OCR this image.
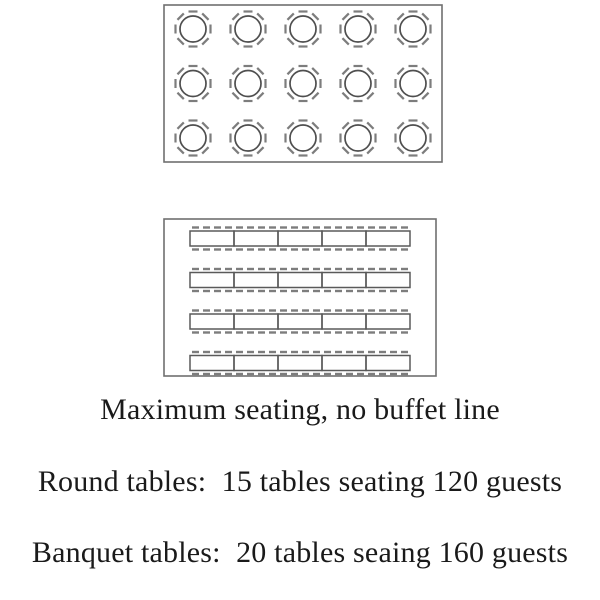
Maximum seating, no buffet line
Round tables:  15 tables seating 120 guests
Banquet tables:  20 tables seaing 160 guests
